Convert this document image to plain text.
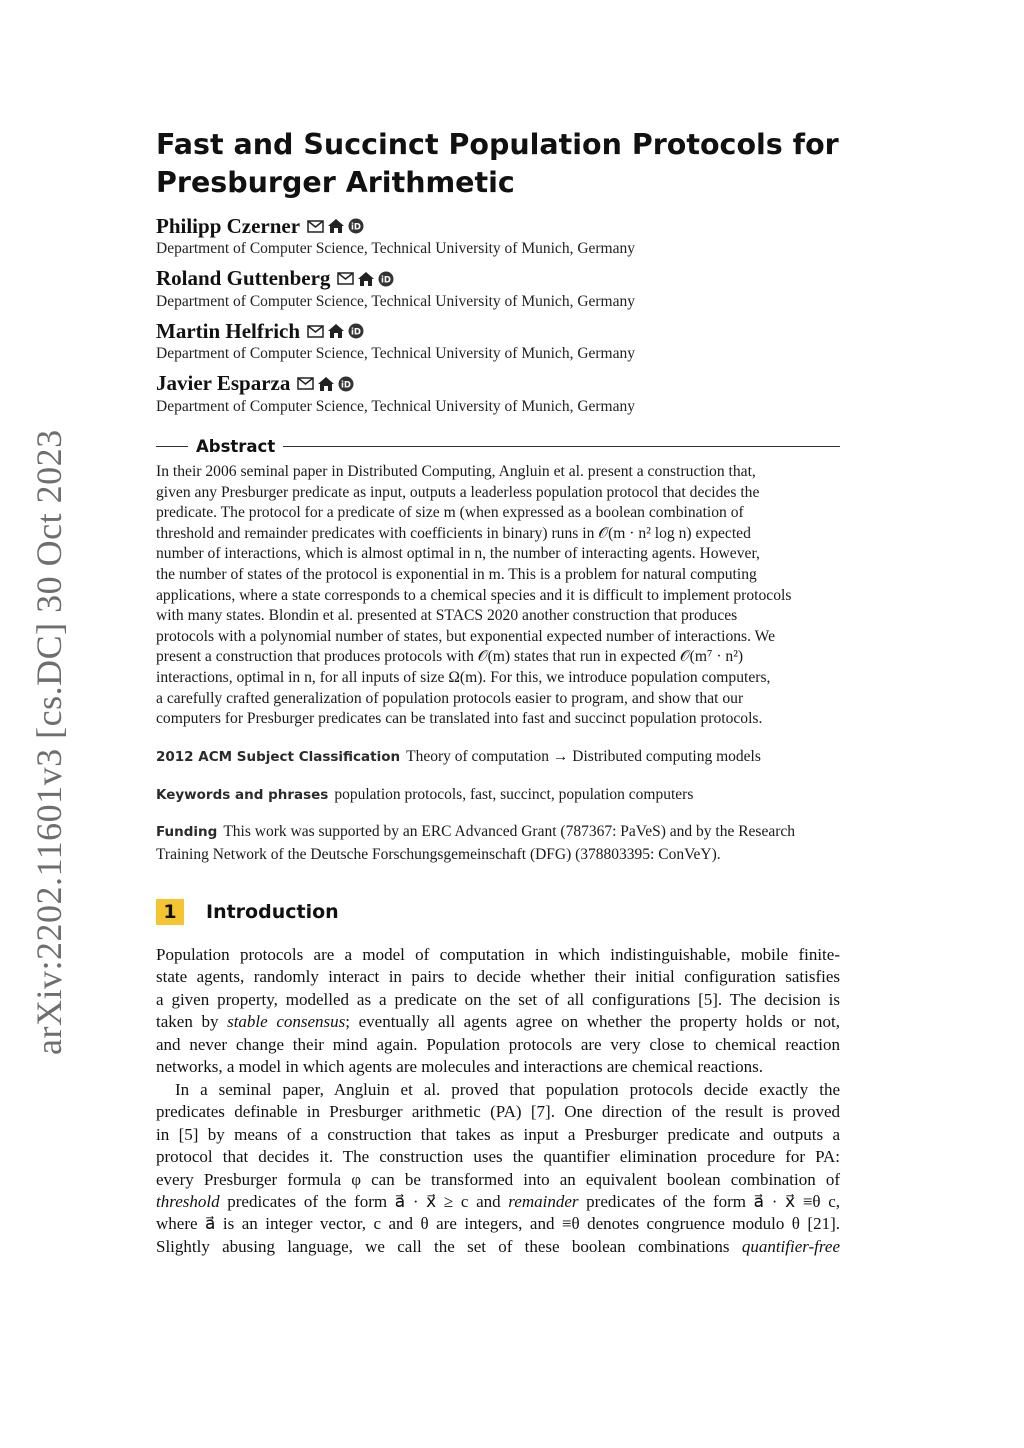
arXiv:2202.11601v3 [cs.DC] 30 Oct 2023
Fast and Succinct Population Protocols for
Presburger Arithmetic
Philipp Czerner	iD
Department of Computer Science, Technical University of Munich, Germany
Roland Guttenberg	iD
Department of Computer Science, Technical University of Munich, Germany
Martin Helfrich	iD
Department of Computer Science, Technical University of Munich, Germany
Javier Esparza	iD
Department of Computer Science, Technical University of Munich, Germany
Abstract
In their 2006 seminal paper in Distributed Computing, Angluin et al. present a construction that,
given any Presburger predicate as input, outputs a leaderless population protocol that decides the
predicate. The protocol for a predicate of size m (when expressed as a boolean combination of
threshold and remainder predicates with coefficients in binary) runs in 𝒪(m · n² log n) expected
number of interactions, which is almost optimal in n, the number of interacting agents. However,
the number of states of the protocol is exponential in m. This is a problem for natural computing
applications, where a state corresponds to a chemical species and it is difficult to implement protocols
with many states. Blondin et al. presented at STACS 2020 another construction that produces
protocols with a polynomial number of states, but exponential expected number of interactions. We
present a construction that produces protocols with 𝒪(m) states that run in expected 𝒪(m⁷ · n²)
interactions, optimal in n, for all inputs of size Ω(m). For this, we introduce population computers,
a carefully crafted generalization of population protocols easier to program, and show that our
computers for Presburger predicates can be translated into fast and succinct population protocols.
2012 ACM Subject Classification Theory of computation → Distributed computing models
Keywords and phrases population protocols, fast, succinct, population computers
Funding This work was supported by an ERC Advanced Grant (787367: PaVeS) and by the Research
Training Network of the Deutsche Forschungsgemeinschaft (DFG) (378803395: ConVeY).
1	Introduction
Population protocols are a model of computation in which indistinguishable, mobile finite-
state agents, randomly interact in pairs to decide whether their initial configuration satisfies
a given property, modelled as a predicate on the set of all configurations [5]. The decision is
taken by stable consensus; eventually all agents agree on whether the property holds or not,
and never change their mind again. Population protocols are very close to chemical reaction
networks, a model in which agents are molecules and interactions are chemical reactions.
In a seminal paper, Angluin et al. proved that population protocols decide exactly the
predicates definable in Presburger arithmetic (PA) [7]. One direction of the result is proved
in [5] by means of a construction that takes as input a Presburger predicate and outputs a
protocol that decides it. The construction uses the quantifier elimination procedure for PA:
every Presburger formula φ can be transformed into an equivalent boolean combination of
threshold predicates of the form a⃗ · x⃗ ≥ c and remainder predicates of the form a⃗ · x⃗ ≡θ c,
where a⃗ is an integer vector, c and θ are integers, and ≡θ denotes congruence modulo θ [21].
Slightly abusing language, we call the set of these boolean combinations quantifier-free
